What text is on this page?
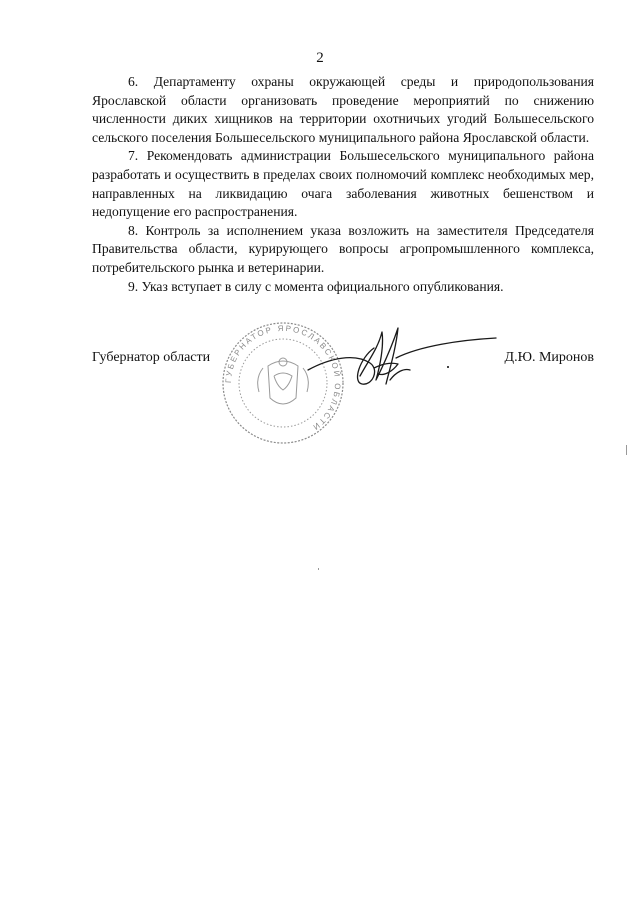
2

6. Департаменту охраны окружающей среды и природопользования Ярославской области организовать проведение мероприятий по снижению численности диких хищников на территории охотничьих угодий Большесельского сельского поселения Большесельского муниципального района Ярославской области.

7. Рекомендовать администрации Большесельского муниципального района разработать и осуществить в пределах своих полномочий комплекс необходимых мер, направленных на ликвидацию очага заболевания животных бешенством и недопущение его распространения.

8. Контроль за исполнением указа возложить на заместителя Председателя Правительства области, курирующего вопросы агропромышленного комплекса, потребительского рынка и ветеринарии.

9. Указ вступает в силу с момента официального опубликования.

ГУБЕРНАТОР ЯРОСЛАВСКОЙ ОБЛАСТИ
Губернатор области	Д.Ю. Миронов
